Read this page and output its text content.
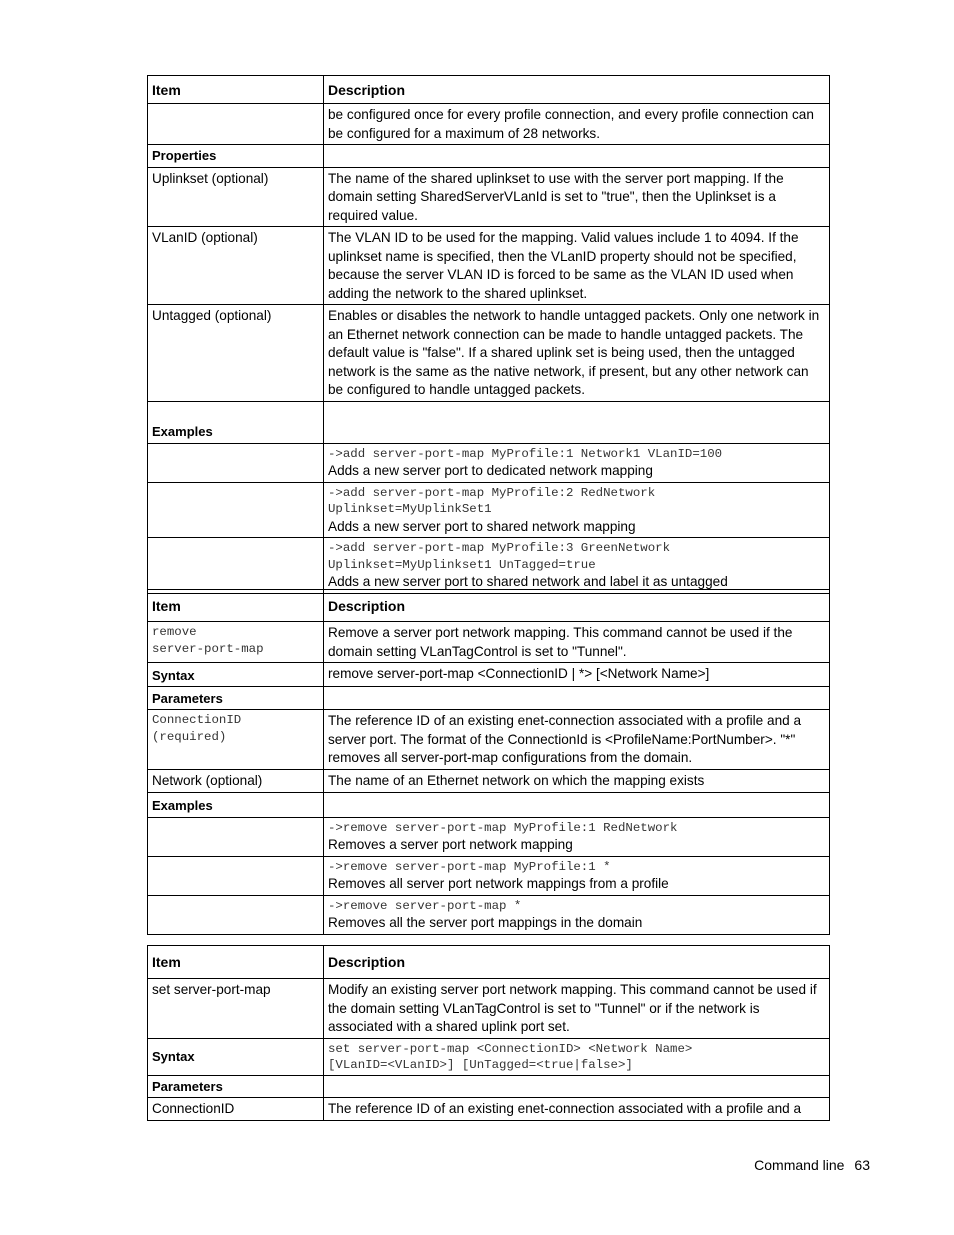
Item	Description
	be configured once for every profile connection, and every profile connection can be configured for a maximum of 28 networks.
Properties	
Uplinkset (optional)	The name of the shared uplinkset to use with the server port mapping. If the domain setting SharedServerVLanId is set to "true", then the Uplinkset is a required value.
VLanID (optional)	The VLAN ID to be used for the mapping. Valid values include 1 to 4094. If the uplinkset name is specified, then the VLanID property should not be specified, because the server VLAN ID is forced to be same as the VLAN ID used when adding the network to the shared uplinkset.
Untagged (optional)	Enables or disables the network to handle untagged packets. Only one network in an Ethernet network connection can be made to handle untagged packets. The default value is "false". If a shared uplink set is being used, then the untagged network is the same as the native network, if present, but any other network can be configured to handle untagged packets.
Examples	

	->add server-port-map MyProfile:1 Network1 VLanID=100
Adds a new server port to dedicated network mapping

	->add server-port-map MyProfile:2 RedNetwork
Uplinkset=MyUplinkSet1
Adds a new server port to shared network mapping

	->add server-port-map MyProfile:3 GreenNetwork
Uplinkset=MyUplinkset1 UnTagged=true
Adds a new server port to shared network and label it as untagged
Item	Description

remove
server-port-map	Remove a server port network mapping. This command cannot be used if the domain setting VLanTagControl is set to "Tunnel".
Syntax	remove server-port-map <ConnectionID | *> [<Network Name>]
Parameters	

ConnectionID
(required)	The reference ID of an existing enet-connection associated with a profile and a server port. The format of the ConnectionId is <ProfileName:PortNumber>. "*" removes all server-port-map configurations from the domain.
Network (optional)	The name of an Ethernet network on which the mapping exists
Examples	

	->remove server-port-map MyProfile:1 RedNetwork
Removes a server port network mapping

	->remove server-port-map MyProfile:1 *
Removes all server port network mappings from a profile

	->remove server-port-map *
Removes all the server port mappings in the domain
Item	Description
set server-port-map	Modify an existing server port network mapping. This command cannot be used if the domain setting VLanTagControl is set to "Tunnel" or if the network is associated with a shared uplink port set.
Syntax	set server-port-map <ConnectionID> <Network Name>
[VLanID=<VLanID>] [UnTagged=<true|false>]

Parameters	
ConnectionID	The reference ID of an existing enet-connection associated with a profile and a
Command line 63
